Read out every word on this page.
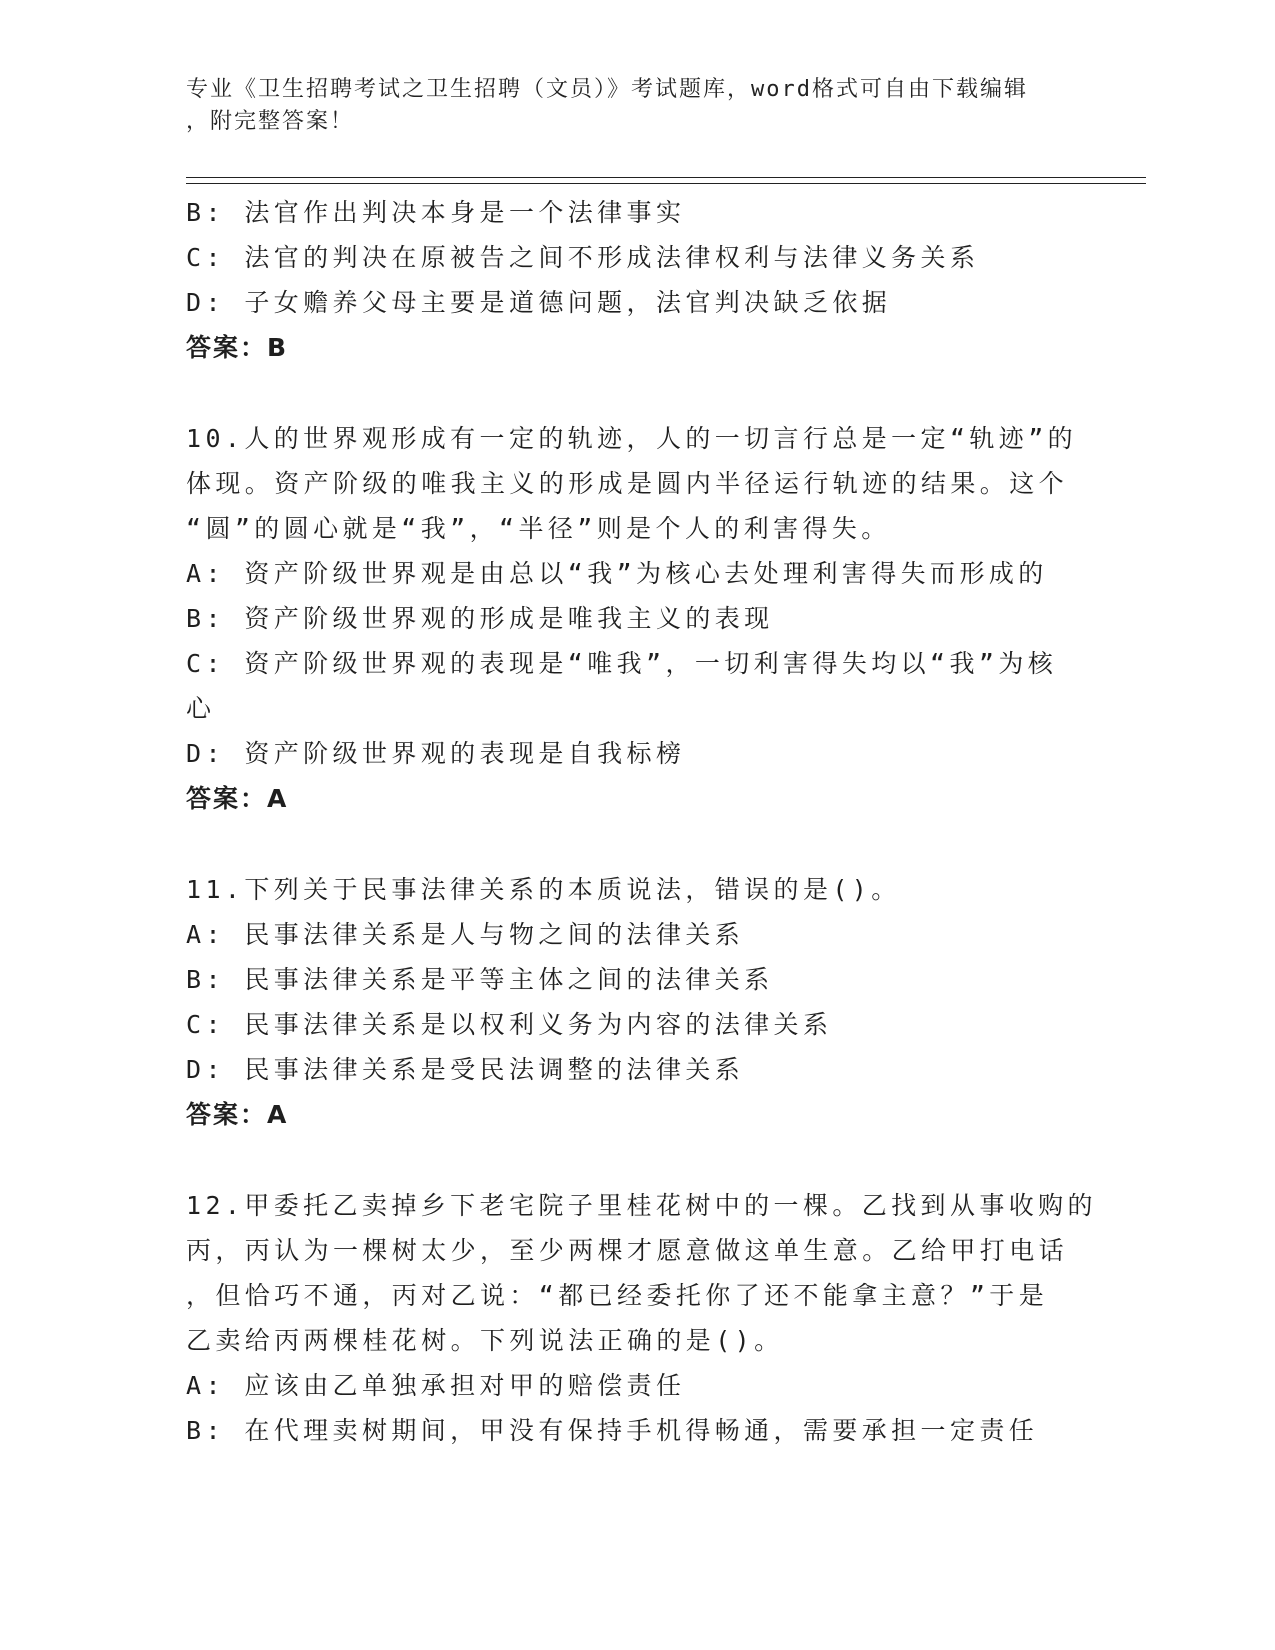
专业《卫生招聘考试之卫生招聘（文员）》考试题库，word格式可自由下载编辑
，附完整答案！
B: 法官作出判决本身是一个法律事实
C: 法官的判决在原被告之间不形成法律权利与法律义务关系
D: 子女赡养父母主要是道德问题，法官判决缺乏依据
答案：B
10.人的世界观形成有一定的轨迹，人的一切言行总是一定“轨迹”的
体现。资产阶级的唯我主义的形成是圆内半径运行轨迹的结果。这个
“圆”的圆心就是“我”，“半径”则是个人的利害得失。
A: 资产阶级世界观是由总以“我”为核心去处理利害得失而形成的
B: 资产阶级世界观的形成是唯我主义的表现
C: 资产阶级世界观的表现是“唯我”，一切利害得失均以“我”为核
心
D: 资产阶级世界观的表现是自我标榜
答案：A
11.下列关于民事法律关系的本质说法，错误的是()。
A: 民事法律关系是人与物之间的法律关系
B: 民事法律关系是平等主体之间的法律关系
C: 民事法律关系是以权利义务为内容的法律关系
D: 民事法律关系是受民法调整的法律关系
答案：A
12.甲委托乙卖掉乡下老宅院子里桂花树中的一棵。乙找到从事收购的
丙，丙认为一棵树太少，至少两棵才愿意做这单生意。乙给甲打电话
，但恰巧不通，丙对乙说：“都已经委托你了还不能拿主意？”于是
乙卖给丙两棵桂花树。下列说法正确的是()。
A: 应该由乙单独承担对甲的赔偿责任
B: 在代理卖树期间，甲没有保持手机得畅通，需要承担一定责任
